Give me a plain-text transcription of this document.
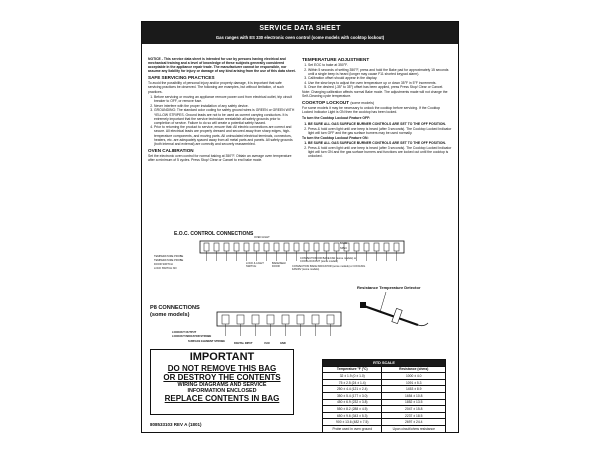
SERVICE DATA SHEET
Gas ranges with ES 330 electronic oven control (some models with cooktop lockout)

NOTICE - This service data sheet is intended for use by persons having electrical and mechanical training and a level of knowledge of these subjects generally considered acceptable in the appliance repair trade. The manufacturer cannot be responsible, nor assume any liability for injury or damage of any kind arising from the use of this data sheet.

SAFE SERVICING PRACTICES

To avoid the possibility of personal injury and/or property damage, it is important that safe servicing practices be observed. The following are examples, but without limitation, of such practices.

1. Before servicing or moving an appliance remove power cord from electrical outlet, trip circuit breaker to OFF, or remove fuse.
2. Never interfere with the proper installation of any safety device.
3. GROUNDING: The standard color coding for safety ground wires is GREEN or GREEN WITH YELLOW STRIPES. Ground leads are not to be used as current carrying conductors. It is extremely important that the service technician reestablish all safety grounds prior to completion of service. Failure to do so will create a potential safety hazard.
4. Prior to returning the product to service, ensure that: All electric connections are correct and secure. All electrical leads are properly dressed and secured away from sharp edges, high-temperature components, and moving parts. All uninsulated electrical terminals, connectors, heaters, etc. are adequately spaced away from all metal parts and panels. All safety grounds (both internal and external) are correctly and securely reassembled.
OVEN CALIBRATION

Set the electronic oven control for normal baking at 350°F. Obtain an average oven temperature after a minimum of 5 cycles. Press Stop/ Clear or Cancel to end bake mode.

TEMPERATURE ADJUSTMENT
1. Set EOC to bake at 350°F.
2. Within 5 seconds of setting 350°F, press and hold the Bake pad for approximately 15 seconds until a single beep is heard (longer may cause F11 shorted keypad alarm).
3. Calibration offset should appear in the display.
4. Use the slew keys to adjust the oven temperature up or down 35°F in 5°F increments.
5. Once the desired (-35° to 35°) offset has been applied, press Press Stop/ Clear or Cancel.

Note: Changing calibration affects normal Bake mode. The adjustments made will not change the Self-Cleaning cycle temperature.

COOKTOP LOCKOUT (some models)

For some models it may be necessary to unlock the cooktop before servicing. If the Cooktop Locked Indicator Light is ON then the cooktop has been locked.

To turn the Cooktop Lockout Feature OFF:

1. BE SURE ALL GAS SURFACE BURNER CONTROLS ARE SET TO THE OFF POSITION.
2. Press & hold oven light until one beep is heard (after 3 seconds). The Cooktop Locked Indicator light will turn OFF and the gas surface burners may be used normally.

To turn the Cooktop Lockout Feature ON:

1. BE SURE ALL GAS SURFACE BURNER CONTROLS ARE SET TO THE OFF POSITION.
2. Press & hold oven light until one beep is heard (after 3 seconds). The Cooktop Locked Indicator light will turn ON and the gas surface burners and functions are locked out until the cooktop is unlocked.
E.O.C. CONTROL CONNECTIONS
TEMPERATURE PROBE
TEMPERATURE PROBE
DOOR SWITCH
LOCK SWITCH NO
LOCK & LIGHT SWITCH
BAKE/SELF DOOR
OVEN LIGHT
CONVECTION/OR BAKE FAN (some models) or COOKLOCKOUT (some models)
CONVECTION BAKE INDICATOR (some models) or COOLING FAN/DV (some models)
BAKE
SPEC
P8 CONNECTIONS
(some models)
LOCKOUT OUTPUT
LOCKOUT INDICATOR STROBE
SURFACE ELEMENT STROBE
DIGITAL INPUT	VLM	GND
Resistance Temperature Detector
RTD SCALE	
Temperature °F (°C)	Resistance (ohms)
32 ± 1.9 (0 ± 1.0)	1000 ± 4.0
75 ± 2.5 (24 ± 1.4)	1091 ± 5.3
250 ± 4.4 (121 ± 2.4)	1453 ± 8.9
350 ± 5.4 (177 ± 3.0)	1654 ± 10.8
450 ± 6.9 (232 ± 3.8)	1852 ± 13.5
550 ± 8.2 (288 ± 4.5)	2047 ± 15.8
650 ± 9.6 (343 ± 5.3)	2237 ± 18.5
900 ± 13.6 (482 ± 7.5)	2697 ± 24.4
Probe used in oven ground	Upon circuit/ohms resistance
IMPORTANT
DO NOT REMOVE THIS BAG
OR DESTROY THE CONTENTS
WIRING DIAGRAMS AND SERVICE
INFORMATION ENCLOSED
REPLACE CONTENTS IN BAG
808533103 REV A (1801)
